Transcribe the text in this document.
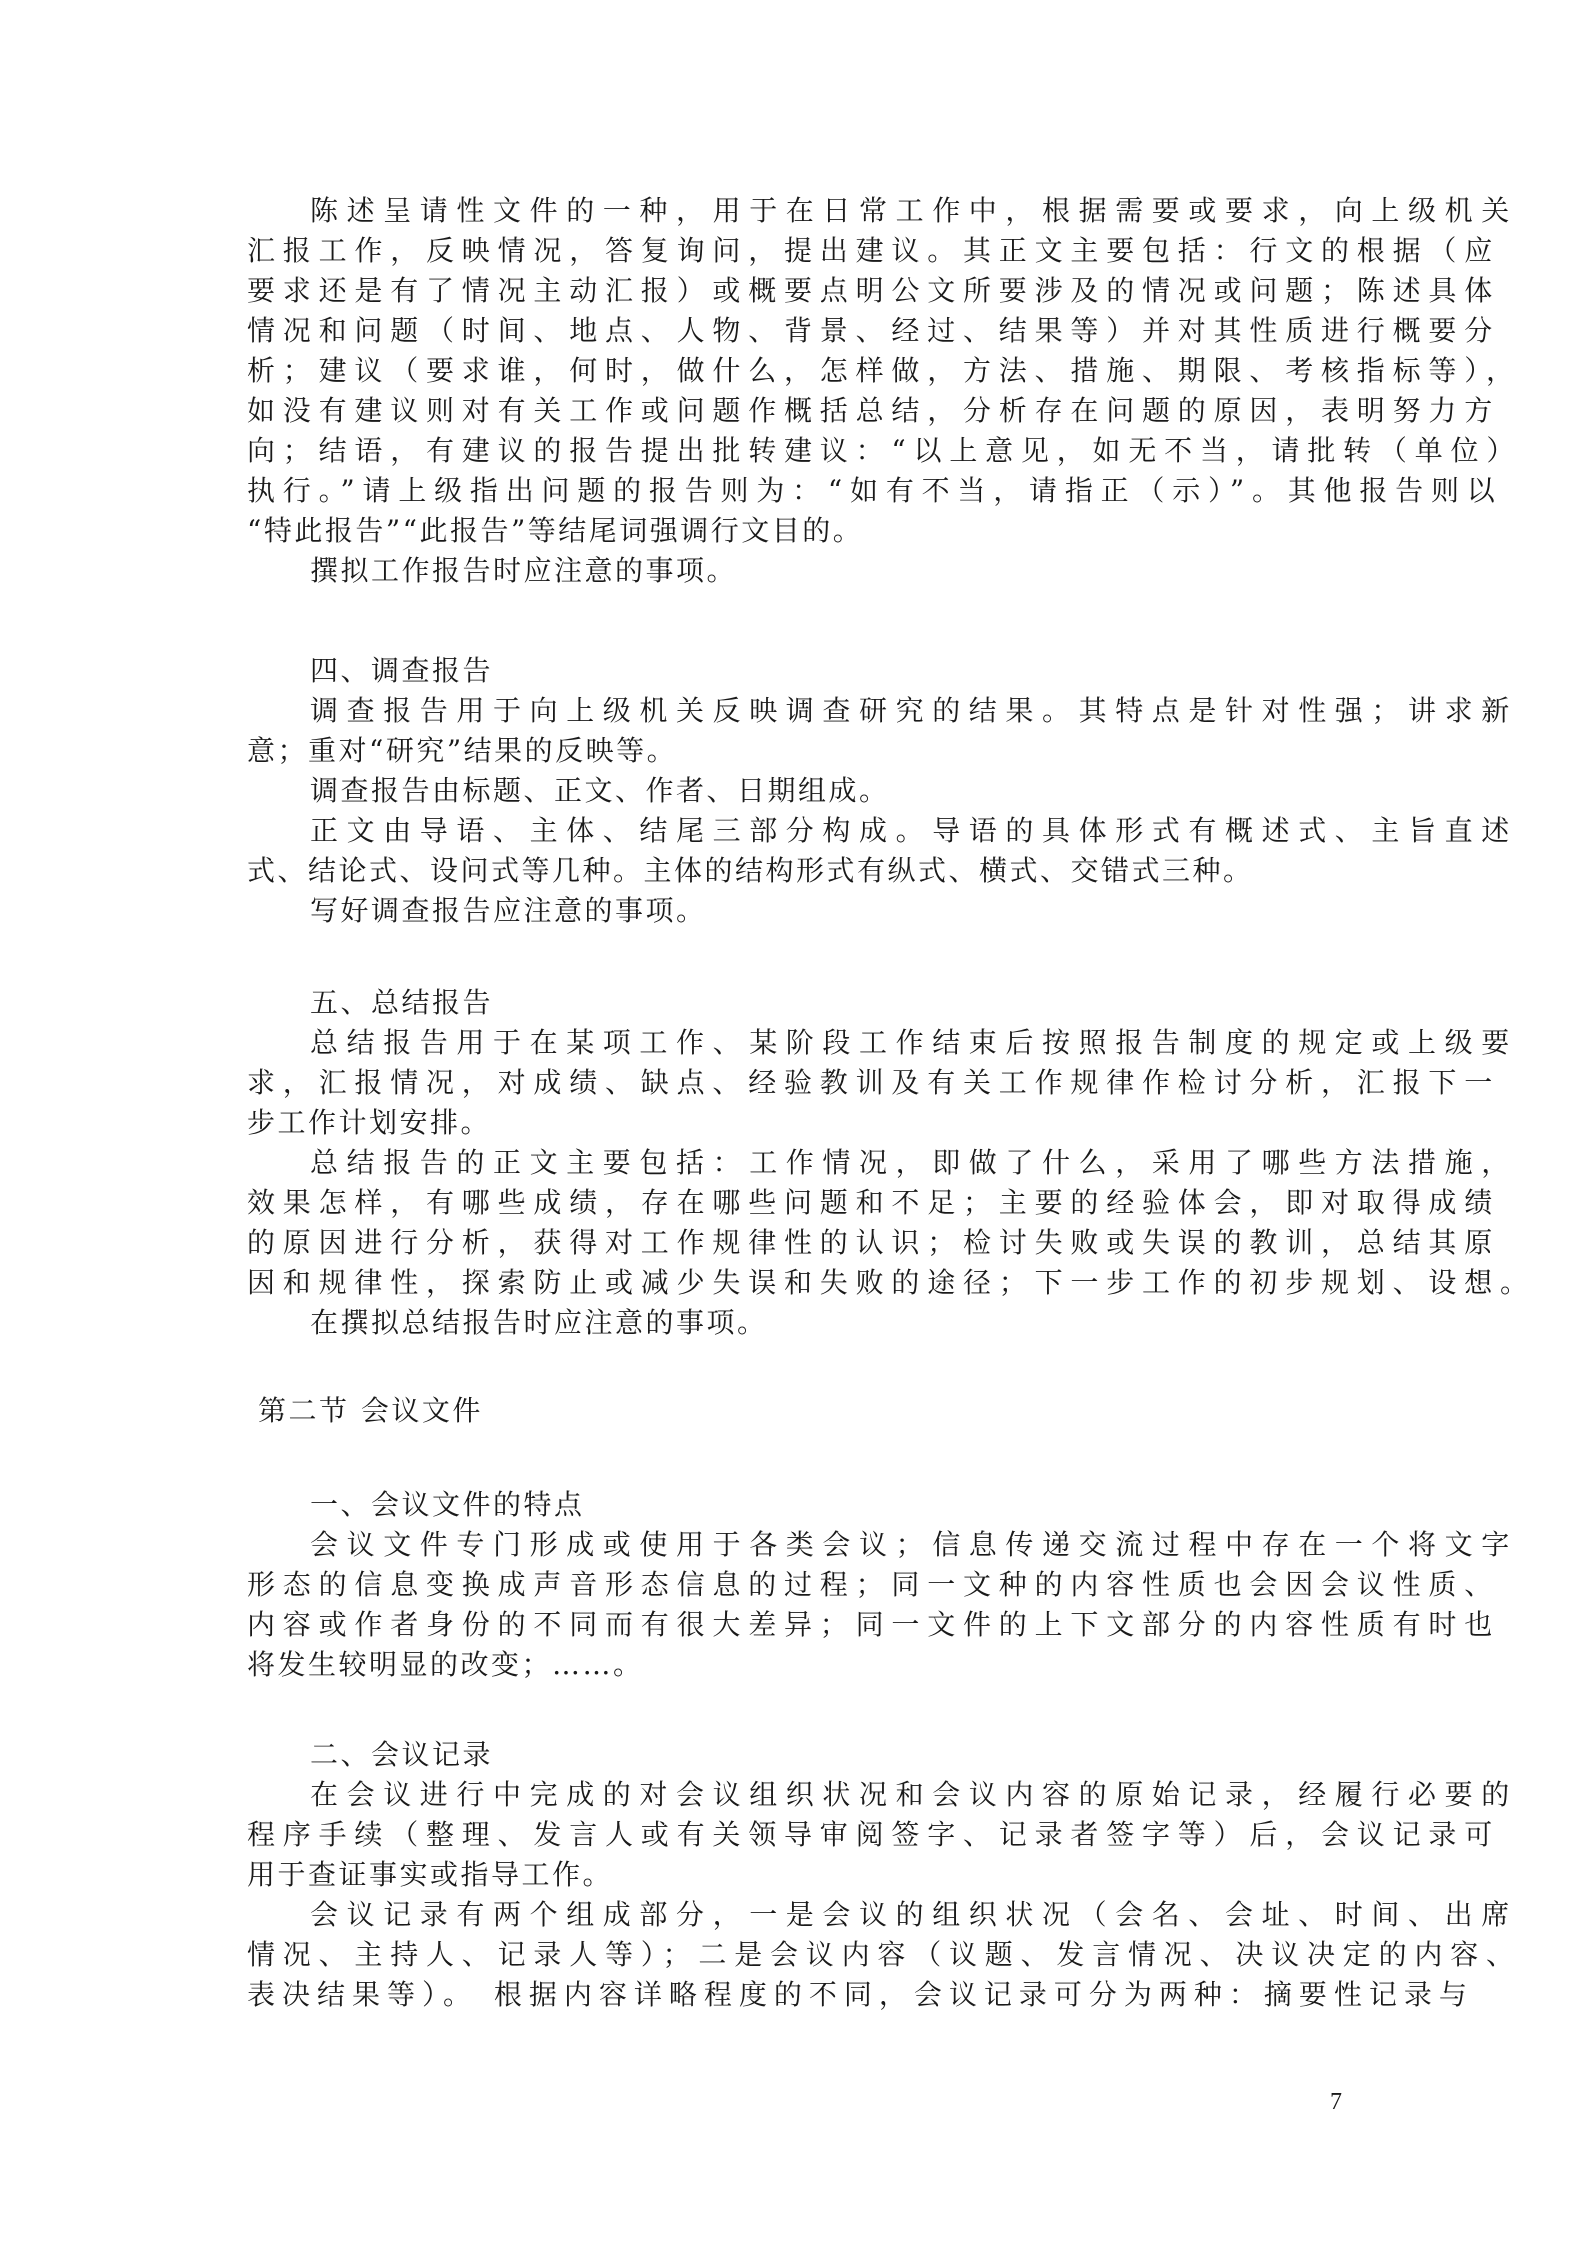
陈述呈请性文件的一种，用于在日常工作中，根据需要或要求，向上级机关

汇报工作，反映情况，答复询问，提出建议。其正文主要包括：行文的根据（应

要求还是有了情况主动汇报）或概要点明公文所要涉及的情况或问题；陈述具体

情况和问题（时间、地点、人物、背景、经过、结果等）并对其性质进行概要分

析；建议（要求谁，何时，做什么，怎样做，方法、措施、期限、考核指标等），

如没有建议则对有关工作或问题作概括总结，分析存在问题的原因，表明努力方

向；结语，有建议的报告提出批转建议：“以上意见，如无不当，请批转（单位）

执行。”请上级指出问题的报告则为：“如有不当，请指正（示）”。其他报告则以

“特此报告”“此报告”等结尾词强调行文目的。

撰拟工作报告时应注意的事项。

四、调查报告

调查报告用于向上级机关反映调查研究的结果。其特点是针对性强；讲求新

意；重对“研究”结果的反映等。

调查报告由标题、正文、作者、日期组成。

正文由导语、主体、结尾三部分构成。导语的具体形式有概述式、主旨直述

式、结论式、设问式等几种。主体的结构形式有纵式、横式、交错式三种。

写好调查报告应注意的事项。

五、总结报告

总结报告用于在某项工作、某阶段工作结束后按照报告制度的规定或上级要

求，汇报情况，对成绩、缺点、经验教训及有关工作规律作检讨分析，汇报下一

步工作计划安排。

总结报告的正文主要包括：工作情况，即做了什么，采用了哪些方法措施，

效果怎样，有哪些成绩，存在哪些问题和不足；主要的经验体会，即对取得成绩

的原因进行分析，获得对工作规律性的认识；检讨失败或失误的教训，总结其原

因和规律性，探索防止或减少失误和失败的途径；下一步工作的初步规划、设想。

在撰拟总结报告时应注意的事项。

第二节 会议文件

一、会议文件的特点

会议文件专门形成或使用于各类会议；信息传递交流过程中存在一个将文字

形态的信息变换成声音形态信息的过程；同一文种的内容性质也会因会议性质、

内容或作者身份的不同而有很大差异；同一文件的上下文部分的内容性质有时也

将发生较明显的改变；……。

二、会议记录

在会议进行中完成的对会议组织状况和会议内容的原始记录，经履行必要的

程序手续（整理、发言人或有关领导审阅签字、记录者签字等）后，会议记录可

用于查证事实或指导工作。

会议记录有两个组成部分，一是会议的组织状况（会名、会址、时间、出席

情况、主持人、记录人等）；二是会议内容（议题、发言情况、决议决定的内容、

表决结果等）。 根据内容详略程度的不同，会议记录可分为两种：摘要性记录与

7
